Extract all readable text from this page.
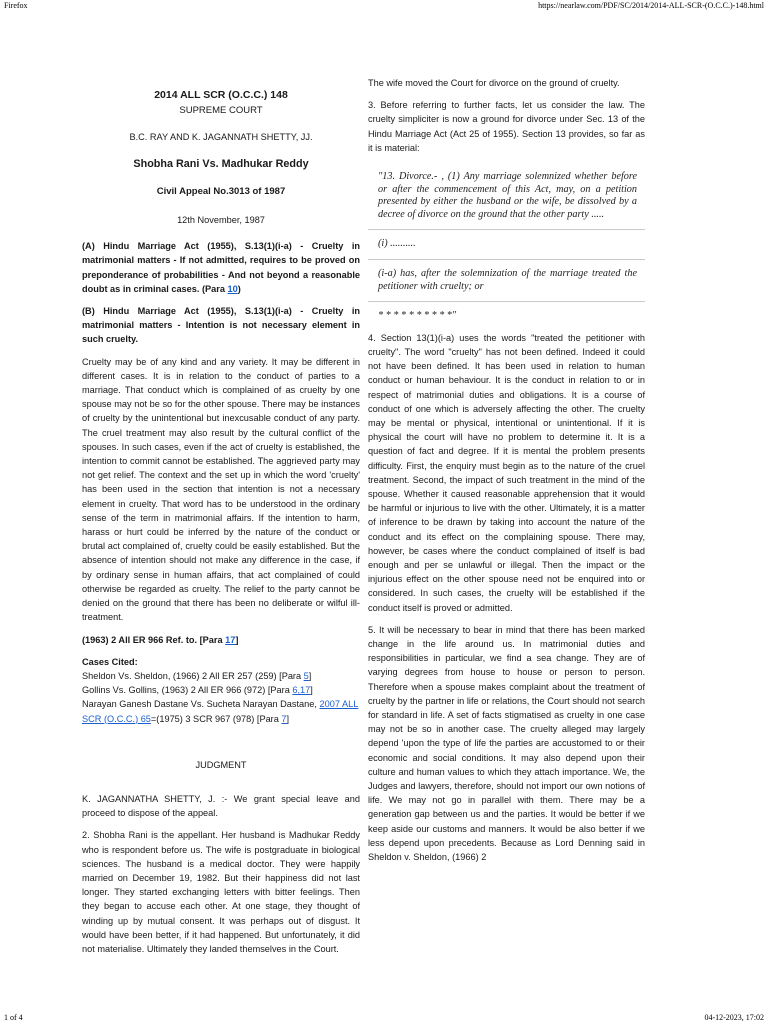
Firefox	https://nearlaw.com/PDF/SC/2014/2014-ALL-SCR-(O.C.C.)-148.html

2014 ALL SCR (O.C.C.) 148

SUPREME COURT

B.C. RAY AND K. JAGANNATH SHETTY, JJ.

Shobha Rani Vs. Madhukar Reddy

Civil Appeal No.3013 of 1987

12th November, 1987

(A) Hindu Marriage Act (1955), S.13(1)(i-a) - Cruelty in matrimonial matters - If not admitted, requires to be proved on preponderance of probabilities - And not beyond a reasonable doubt as in criminal cases. (Para 10)

(B) Hindu Marriage Act (1955), S.13(1)(i-a) - Cruelty in matrimonial matters - Intention is not necessary element in such cruelty.

Cruelty may be of any kind and any variety. It may be different in different cases. It is in relation to the conduct of parties to a marriage. That conduct which is complained of as cruelty by one spouse may not be so for the other spouse. There may be instances of cruelty by the unintentional but inexcusable conduct of any party. The cruel treatment may also result by the cultural conflict of the spouses. In such cases, even if the act of cruelty is established, the intention to commit cannot be established. The aggrieved party may not get relief. The context and the set up in which the word 'cruelty' has been used in the section that intention is not a necessary element in cruelty. That word has to be understood in the ordinary sense of the term in matrimonial affairs. If the intention to harm, harass or hurt could be inferred by the nature of the conduct or brutal act complained of, cruelty could be easily established. But the absence of intention should not make any difference in the case, if by ordinary sense in human affairs, that act complained of could otherwise be regarded as cruelty. The relief to the party cannot be denied on the ground that there has been no deliberate or wilful ill-treatment.

(1963) 2 All ER 966 Ref. to. [Para 17]

Cases Cited:
Sheldon Vs. Sheldon, (1966) 2 All ER 257 (259) [Para 5]
Gollins Vs. Gollins, (1963) 2 All ER 966 (972) [Para 6,17]
Narayan Ganesh Dastane Vs. Sucheta Narayan Dastane, 2007 ALL SCR (O.C.C.) 65=(1975) 3 SCR 967 (978) [Para 7]

JUDGMENT

K. JAGANNATHA SHETTY, J. :- We grant special leave and proceed to dispose of the appeal.

2. Shobha Rani is the appellant. Her husband is Madhukar Reddy who is respondent before us. The wife is postgraduate in biological sciences. The husband is a medical doctor. They were happily married on December 19, 1982. But their happiness did not last longer. They started exchanging letters with bitter feelings. Then they began to accuse each other. At one stage, they thought of winding up by mutual consent. It was perhaps out of disgust. It would have been better, if it had happened. But unfortunately, it did not materialise. Ultimately they landed themselves in the Court.

The wife moved the Court for divorce on the ground of cruelty.

3. Before referring to further facts, let us consider the law. The cruelty simpliciter is now a ground for divorce under Sec. 13 of the Hindu Marriage Act (Act 25 of 1955). Section 13 provides, so far as it is material:

"13. Divorce.- , (1) Any marriage solemnized whether before or after the commencement of this Act, may, on a petition presented by either the husband or the wife, be dissolved by a decree of divorce on the ground that the other party .....
(i) ..........
(i-a) has, after the solemnization of the marriage treated the petitioner with cruelty; or
* * * * * * * * * *"

4. Section 13(1)(i-a) uses the words "treated the petitioner with cruelty". The word "cruelty" has not been defined. Indeed it could not have been defined. It has been used in relation to human conduct or human behaviour. It is the conduct in relation to or in respect of matrimonial duties and obligations. It is a course of conduct of one which is adversely affecting the other. The cruelty may be mental or physical, intentional or unintentional. If it is physical the court will have no problem to determine it. It is a question of fact and degree. If it is mental the problem presents difficulty. First, the enquiry must begin as to the nature of the cruel treatment. Second, the impact of such treatment in the mind of the spouse. Whether it caused reasonable apprehension that it would be harmful or injurious to live with the other. Ultimately, it is a matter of inference to be drawn by taking into account the nature of the conduct and its effect on the complaining spouse. There may, however, be cases where the conduct complained of itself is bad enough and per se unlawful or illegal. Then the impact or the injurious effect on the other spouse need not be enquired into or considered. In such cases, the cruelty will be established if the conduct itself is proved or admitted.

5. It will be necessary to bear in mind that there has been marked change in the life around us. In matrimonial duties and responsibilities in particular, we find a sea change. They are of varying degrees from house to house or person to person. Therefore when a spouse makes complaint about the treatment of cruelty by the partner in life or relations, the Court should not search for standard in life. A set of facts stigmatised as cruelty in one case may not be so in another case. The cruelty alleged may largely depend 'upon the type of life the parties are accustomed to or their economic and social conditions. It may also depend upon their culture and human values to which they attach importance. We, the Judges and lawyers, therefore, should not import our own notions of life. We may not go in parallel with them. There may be a generation gap between us and the parties. It would be better if we keep aside our customs and manners. It would be also better if we less depend upon precedents. Because as Lord Denning said in Sheldon v. Sheldon, (1966) 2

1 of 4	04-12-2023, 17:02
